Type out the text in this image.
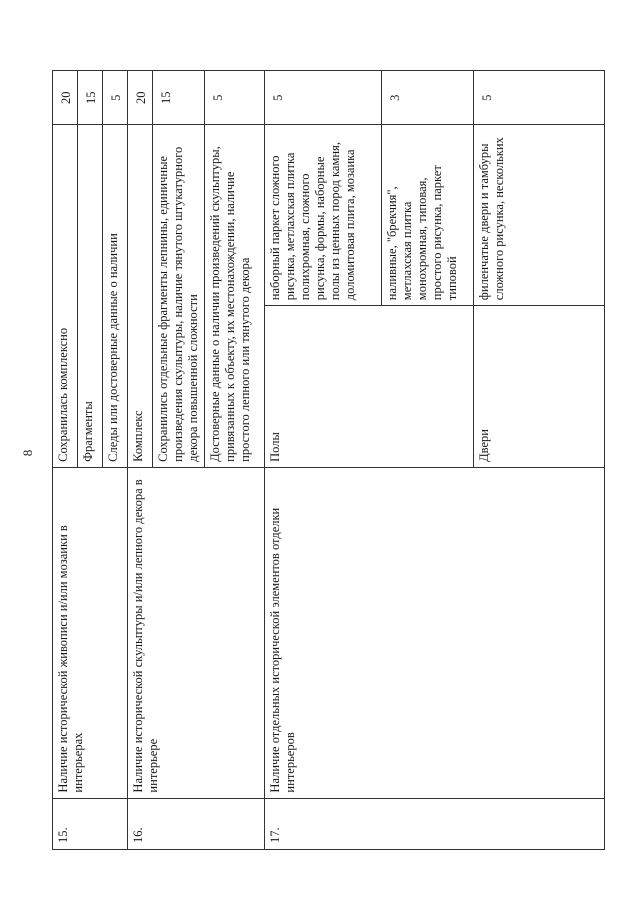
8
15.	Наличие исторической живописи и/или мозаики в интерьерах	Сохранилась комплексно		20
		Фрагменты		15
		Следы или достоверные данные о наличии		5
16.	Наличие исторической скульптуры и/или лепного декора в интерьере	Комплекс		20
		Сохранились отдельные фрагменты лепнины, единичные произведения скульптуры, наличие тянутого штукатурного декора повышенной сложности		15
		Достоверные данные о наличии произведений скульптуры, привязанных к объекту, их местонахождении, наличие простого лепного или тянутого декора		5
17.	Наличие отдельных исторической элементов отделки интерьеров	Полы	наборный паркет сложного рисунка, метлахская плитка полихромная, сложного рисунка, формы, наборные полы из ценных пород камня, доломитовая плита, мозаика	5
			наливные, "брекчия", метлахская плитка монохромная, типовая, простого рисунка, паркет типовой	3
		Двери	филенчатые двери и тамбуры сложного рисунка, нескольких	5
